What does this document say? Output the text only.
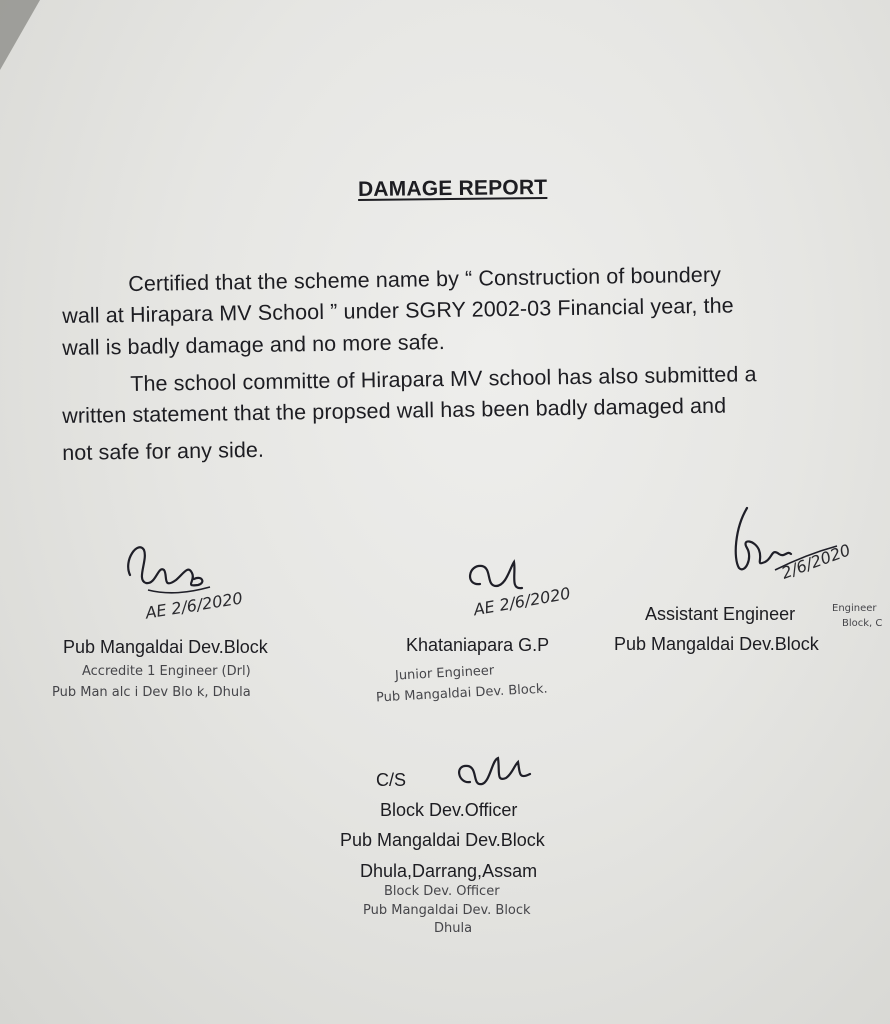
DAMAGE REPORT
Certified that the scheme name by “ Construction of boundery
wall at Hirapara MV School ” under SGRY 2002-03 Financial year, the
wall is badly damage and no more safe.
The school committe of Hirapara MV school has also submitted a
written statement that the propsed wall has been badly damaged and
not safe for any side.
AE 2/6/2020
Pub Mangaldai Dev.Block
Accredite 1 Engineer (Drl)
Pub Man alc i Dev Blo k, Dhula
AE 2/6/2020
Khataniapara G.P
Junior Engineer
Pub Mangaldai Dev. Block.
2/6/2020
Assistant Engineer	Engineer
Block, C
Pub Mangaldai Dev.Block
C/S
Block Dev.Officer
Pub Mangaldai Dev.Block
Dhula,Darrang,Assam
Block Dev. Officer
Pub Mangaldai Dev. Block
Dhula
